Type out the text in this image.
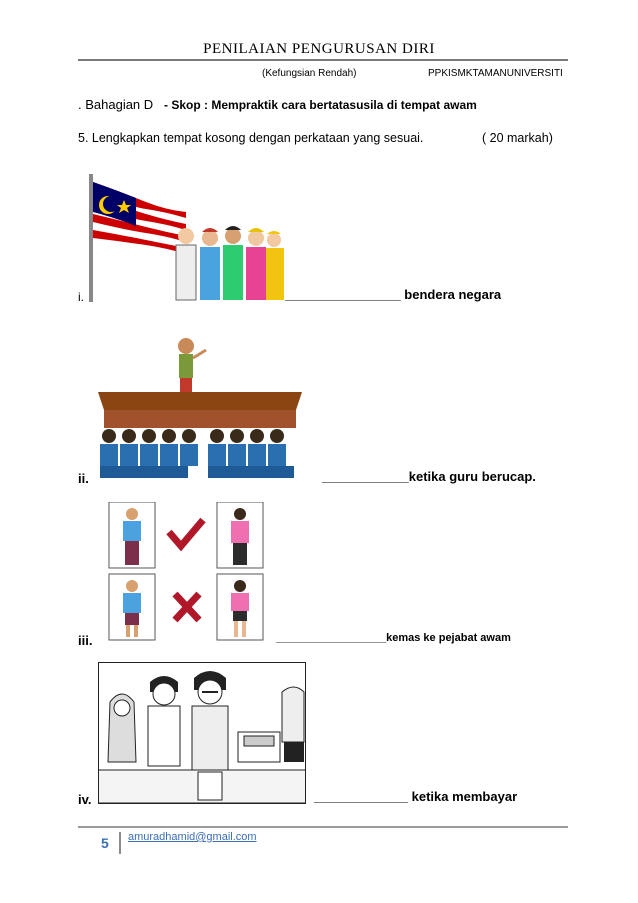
PENILAIAN PENGURUSAN DIRI
(Kefungsian Rendah)	PPKISMKTAMANUNIVERSITI
. Bahagian D - Skop : Mempraktik cara bertatasusila di tempat awam
5. Lengkapkan tempat kosong dengan perkataan yang sesuai.	( 20 markah)
i.	________________ bendera negara
ii.	____________ketika guru berucap.
iii.	__________________kemas ke pejabat awam
iv.	_____________ ketika membayar
5 amuradhamid@gmail.com
